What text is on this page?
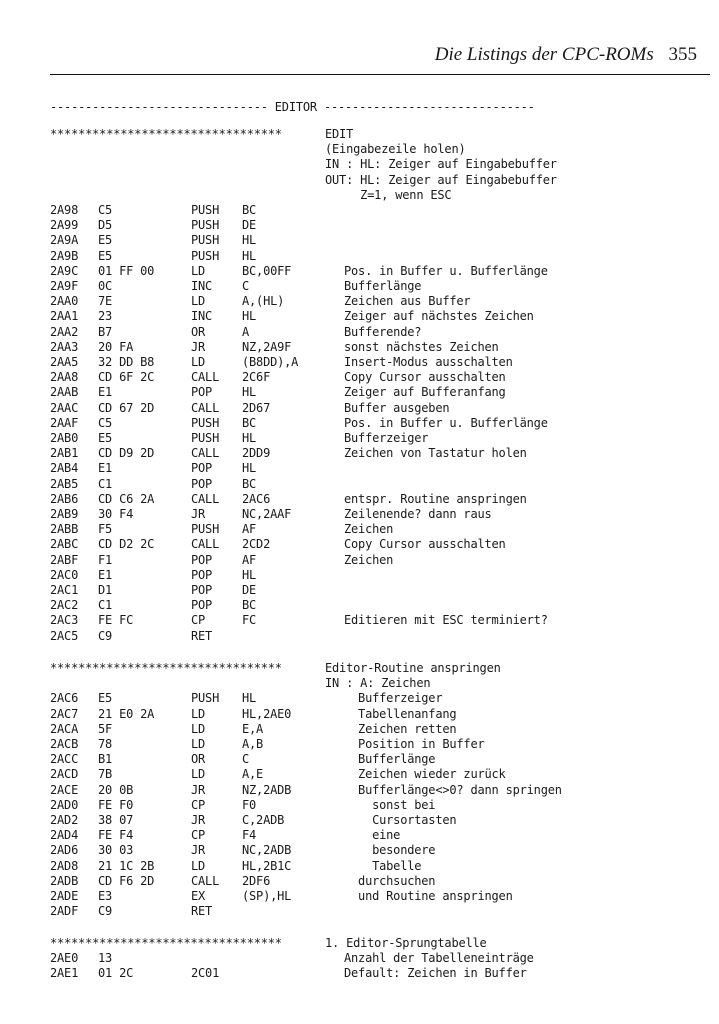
Die Listings der CPC-ROMs 355
------------------------------- EDITOR ------------------------------
*********************************	EDIT
(Eingabezeile holen)
IN : HL: Zeiger auf Eingabebuffer
OUT: HL: Zeiger auf Eingabebuffer
Z=1, wenn ESC
2A98 C5	PUSH BC
2A99 D5	PUSH DE
2A9A E5	PUSH HL
2A9B E5	PUSH HL
2A9C 01 FF 00	LD	BC,00FF	Pos. in Buffer u. Bufferlänge
2A9F 0C	INC C	Bufferlänge
2AA0 7E	LD	A,(HL)	Zeichen aus Buffer
2AA1 23	INC HL	Zeiger auf nächstes Zeichen
2AA2 B7	OR	A	Bufferende?
2AA3 20 FA	JR	NZ,2A9F	sonst nächstes Zeichen
2AA5 32 DD B8	LD	(B8DD),A	Insert-Modus ausschalten
2AA8 CD 6F 2C	CALL 2C6F	Copy Cursor ausschalten
2AAB E1	POP HL	Zeiger auf Bufferanfang
2AAC CD 67 2D	CALL 2D67	Buffer ausgeben
2AAF C5	PUSH BC	Pos. in Buffer u. Bufferlänge
2AB0 E5	PUSH HL	Bufferzeiger
2AB1 CD D9 2D	CALL 2DD9	Zeichen von Tastatur holen
2AB4 E1	POP HL
2AB5 C1	POP BC
2AB6 CD C6 2A	CALL 2AC6	entspr. Routine anspringen
2AB9 30 F4	JR	NC,2AAF	Zeilenende? dann raus
2ABB F5	PUSH AF	Zeichen
2ABC CD D2 2C	CALL 2CD2	Copy Cursor ausschalten
2ABF F1	POP AF	Zeichen
2AC0 E1	POP HL
2AC1 D1	POP DE
2AC2 C1	POP BC
2AC3 FE FC	CP	FC	Editieren mit ESC terminiert?
2AC5 C9	RET
*********************************	Editor-Routine anspringen
IN : A: Zeichen
2AC6 E5	PUSH HL	Bufferzeiger
2AC7 21 E0 2A	LD	HL,2AE0	Tabellenanfang
2ACA 5F	LD	E,A	Zeichen retten
2ACB 78	LD	A,B	Position in Buffer
2ACC B1	OR	C	Bufferlänge
2ACD 7B	LD	A,E	Zeichen wieder zurück
2ACE 20 0B	JR	NZ,2ADB	Bufferlänge<>0? dann springen
2AD0 FE F0	CP	F0	sonst bei
2AD2 38 07	JR	C,2ADB	Cursortasten
2AD4 FE F4	CP	F4	eine
2AD6 30 03	JR	NC,2ADB	besondere
2AD8 21 1C 2B	LD	HL,2B1C	Tabelle
2ADB CD F6 2D	CALL 2DF6	durchsuchen
2ADE E3	EX	(SP),HL	und Routine anspringen
2ADF C9	RET
*********************************	1. Editor-Sprungtabelle
2AE0 13	Anzahl der Tabelleneinträge
2AE1 01 2C	2C01	Default: Zeichen in Buffer
